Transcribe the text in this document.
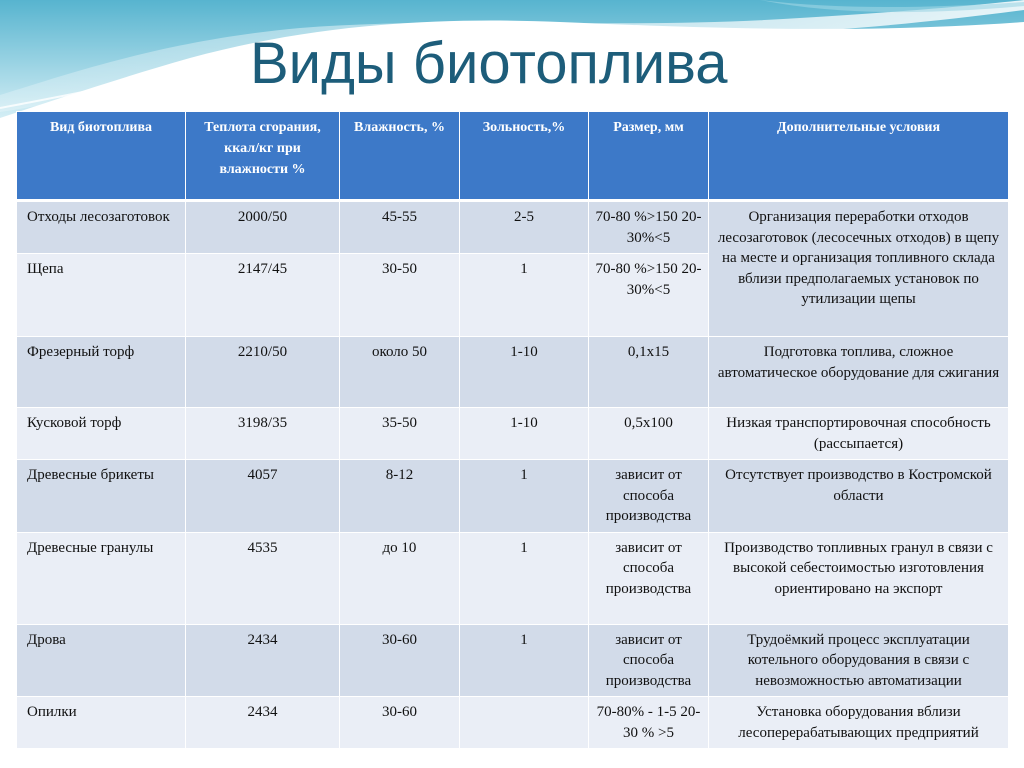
Виды биотоплива
Вид биотоплива	Теплота сгорания, ккал/кг при влажности %	Влажность, %	Зольность,%	Размер, мм	Дополнительные условия
Отходы лесозаготовок	2000/50	45-55	2-5	70-80 %>150 20-30%<5	Организация переработки отходов лесозаготовок (лесосечных отходов) в щепу на месте и организация топливного склада вблизи предполагаемых установок по утилизации щепы
Щепа	2147/45	30-50	1	70-80 %>150 20-30%<5	
Фрезерный торф	2210/50	около 50	1-10	0,1х15	Подготовка топлива, сложное автоматическое оборудование для сжигания
Кусковой торф	3198/35	35-50	1-10	0,5х100	Низкая транспортировочная способность (рассыпается)
Древесные брикеты	4057	8-12	1	зависит от способа производства	Отсутствует производство в Костромской области
Древесные гранулы	4535	до 10	1	зависит от способа производства	Производство топливных гранул в связи с высокой себестоимостью изготовления ориентировано на экспорт
Дрова	2434	30-60	1	зависит от способа производства	Трудоёмкий процесс эксплуатации котельного оборудования в связи с невозможностью автоматизации
Опилки	2434	30-60		70-80% - 1-5 20-30 % >5	Установка оборудования вблизи лесоперерабатывающих предприятий
